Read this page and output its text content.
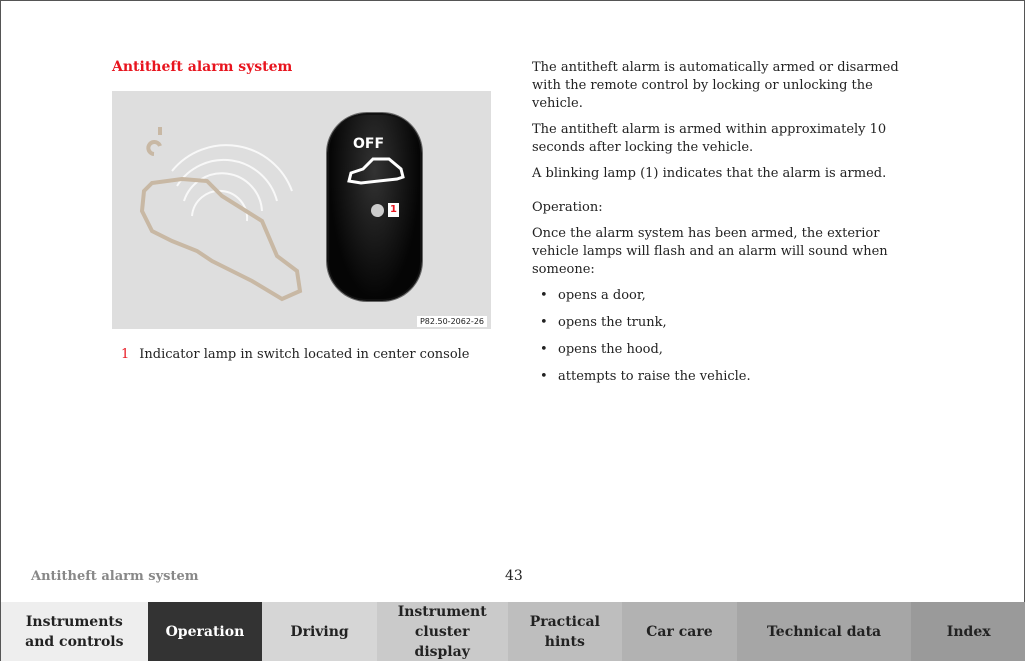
Antitheft alarm system
OFF
1
P82.50-2062-26
1 Indicator lamp in switch located in center console

The antitheft alarm is automatically armed or disarmed with the remote control by locking or unlocking the vehicle.

The antitheft alarm is armed within approximately 10 seconds after locking the vehicle.

A blinking lamp (1) indicates that the alarm is armed.

Operation:

Once the alarm system has been armed, the exterior vehicle lamps will flash and an alarm will sound when someone:

• opens a door,
• opens the trunk,
• opens the hood,
• attempts to raise the vehicle.
Antitheft alarm system	43
Instruments and controls
Operation	Driving
Instrument cluster display
Practical hints
Car care	Technical data	Index
